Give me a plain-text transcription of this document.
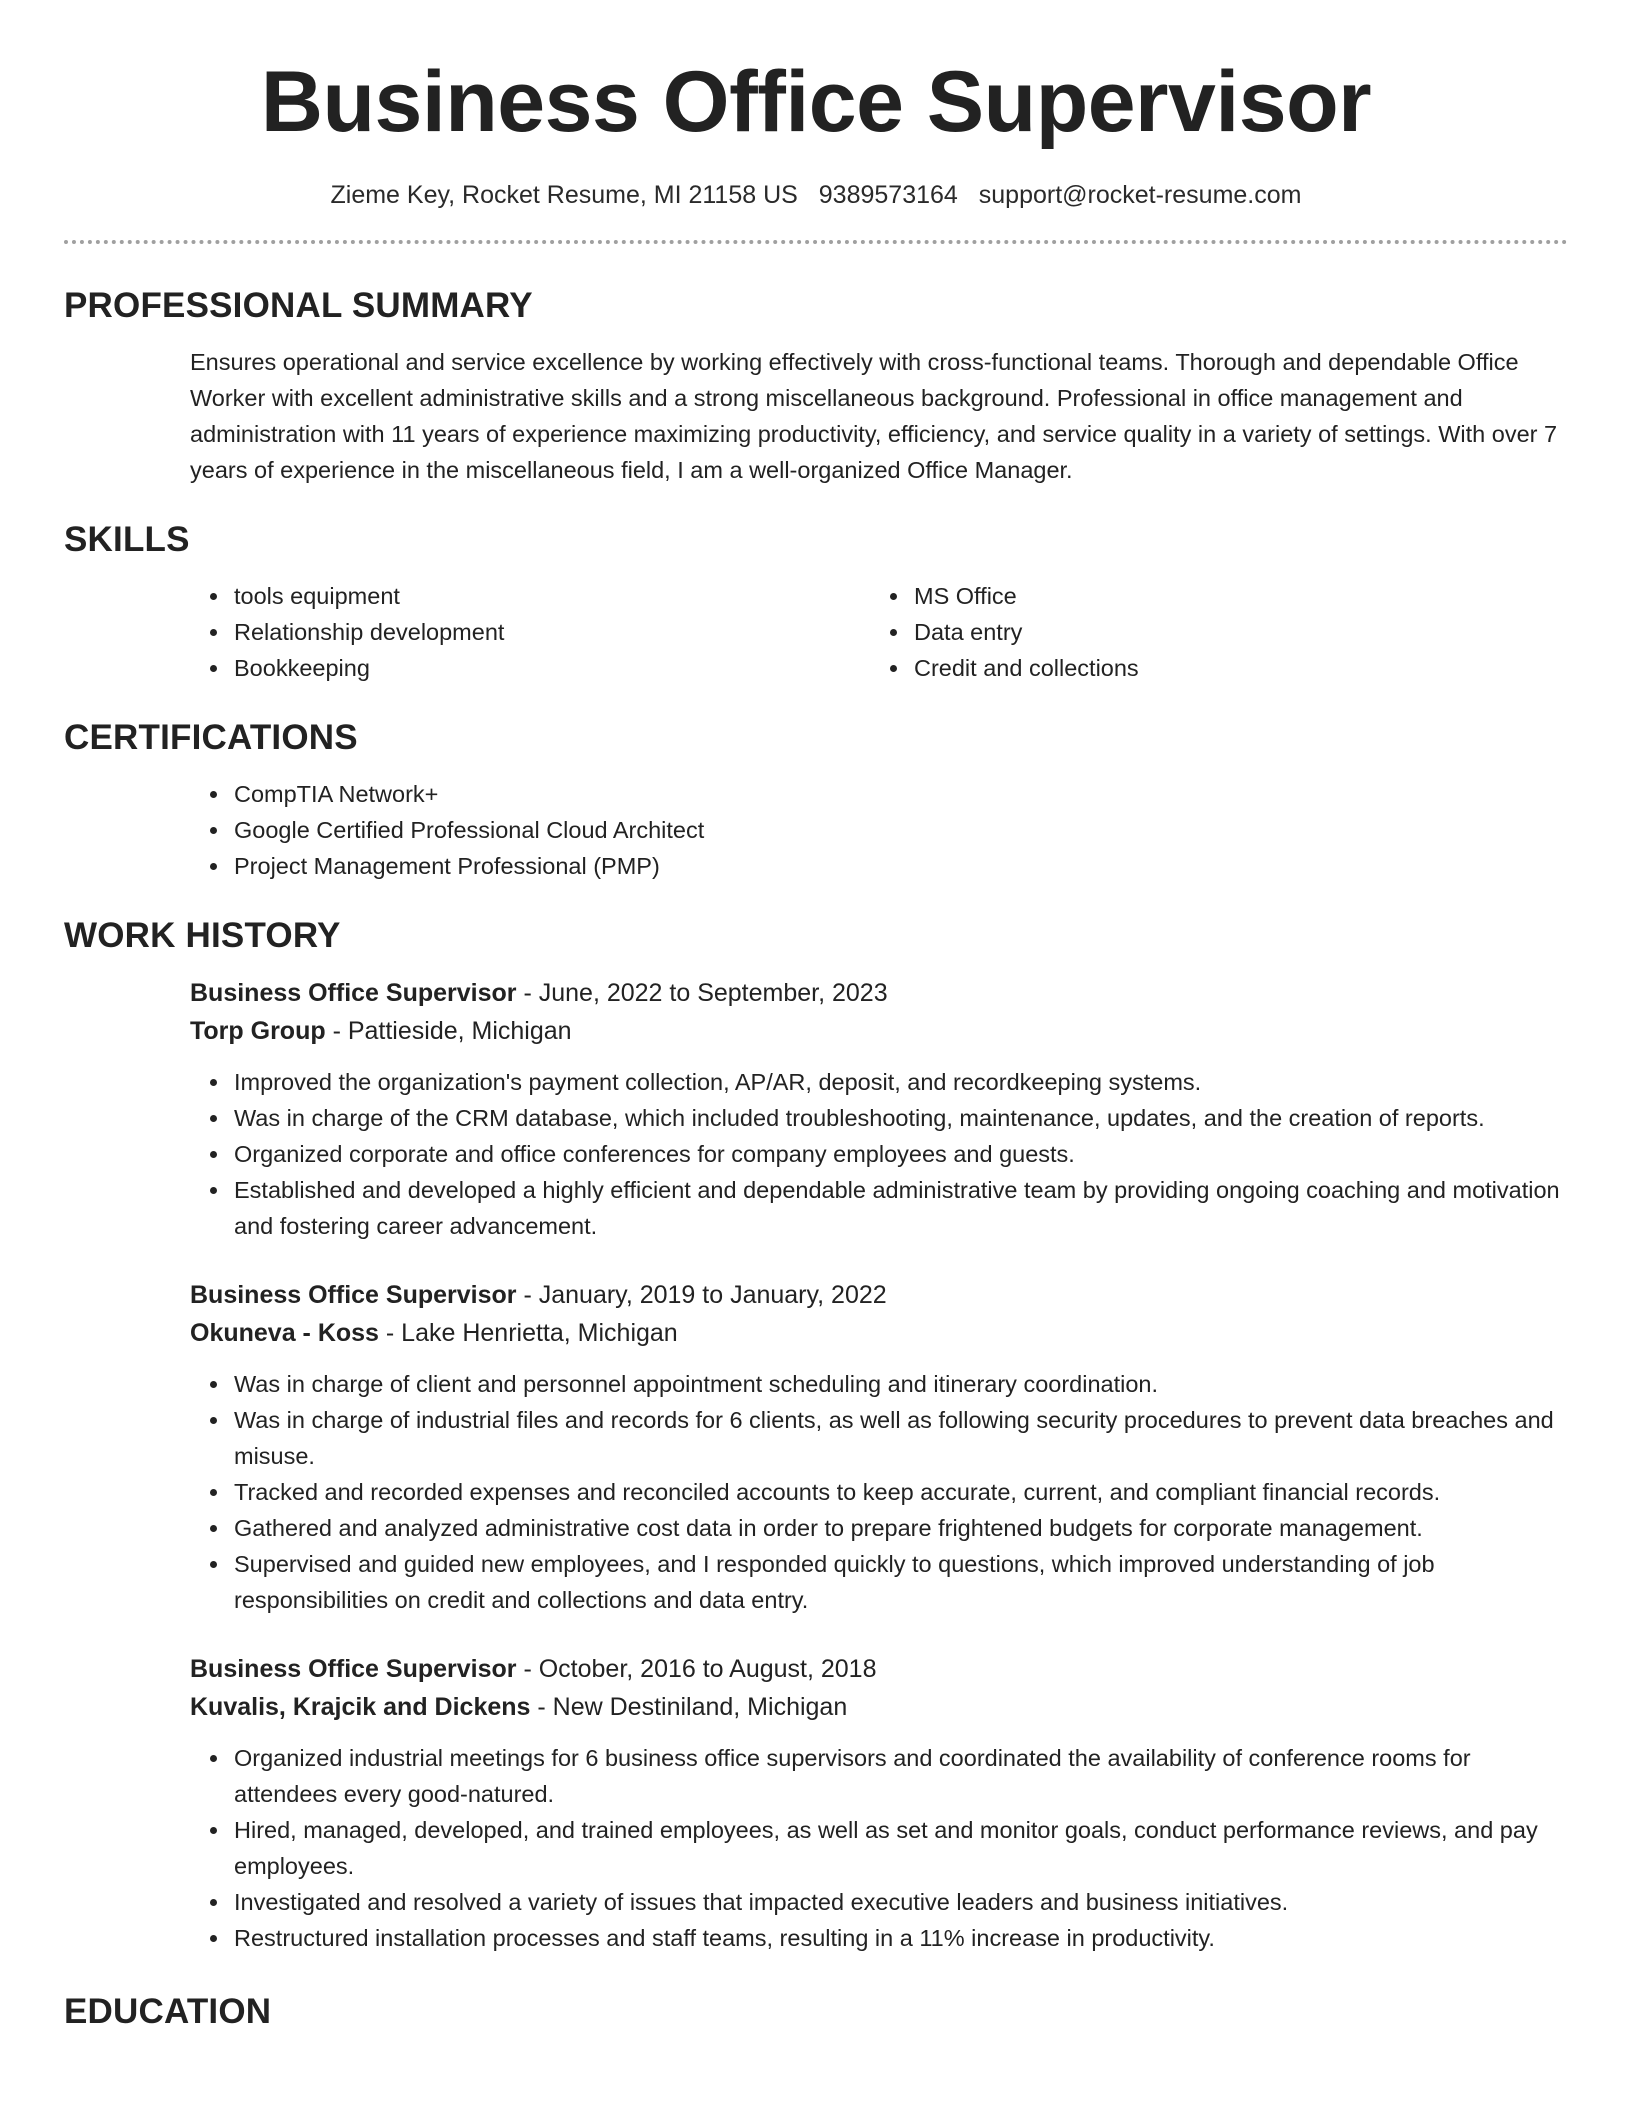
Business Office Supervisor
Zieme Key, Rocket Resume, MI 21158 US 9389573164 support@rocket-resume.com
PROFESSIONAL SUMMARY

Ensures operational and service excellence by working effectively with cross-functional teams. Thorough and dependable Office Worker with excellent administrative skills and a strong miscellaneous background. Professional in office management and administration with 11 years of experience maximizing productivity, efficiency, and service quality in a variety of settings. With over 7 years of experience in the miscellaneous field, I am a well-organized Office Manager.

SKILLS
tools equipment
Relationship development
Bookkeeping
MS Office
Data entry
Credit and collections
CERTIFICATIONS
CompTIA Network+
Google Certified Professional Cloud Architect
Project Management Professional (PMP)
WORK HISTORY
Business Office Supervisor - June, 2022 to September, 2023
Torp Group - Pattieside, Michigan
Improved the organization's payment collection, AP/AR, deposit, and recordkeeping systems.
Was in charge of the CRM database, which included troubleshooting, maintenance, updates, and the creation of reports.
Organized corporate and office conferences for company employees and guests.
Established and developed a highly efficient and dependable administrative team by providing ongoing coaching and motivation and fostering career advancement.
Business Office Supervisor - January, 2019 to January, 2022
Okuneva - Koss - Lake Henrietta, Michigan
Was in charge of client and personnel appointment scheduling and itinerary coordination.
Was in charge of industrial files and records for 6 clients, as well as following security procedures to prevent data breaches and misuse.
Tracked and recorded expenses and reconciled accounts to keep accurate, current, and compliant financial records.
Gathered and analyzed administrative cost data in order to prepare frightened budgets for corporate management.
Supervised and guided new employees, and I responded quickly to questions, which improved understanding of job responsibilities on credit and collections and data entry.
Business Office Supervisor - October, 2016 to August, 2018
Kuvalis, Krajcik and Dickens - New Destiniland, Michigan
Organized industrial meetings for 6 business office supervisors and coordinated the availability of conference rooms for attendees every good-natured.
Hired, managed, developed, and trained employees, as well as set and monitor goals, conduct performance reviews, and pay employees.
Investigated and resolved a variety of issues that impacted executive leaders and business initiatives.
Restructured installation processes and staff teams, resulting in a 11% increase in productivity.
EDUCATION
